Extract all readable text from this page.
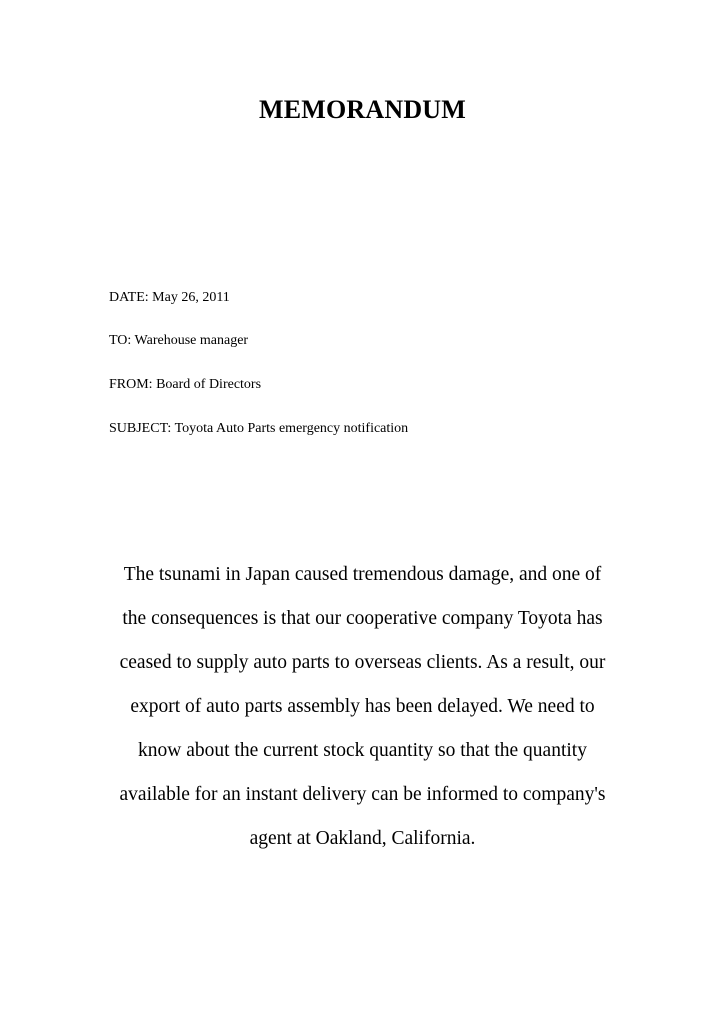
MEMORANDUM
DATE: May 26, 2011
TO: Warehouse manager
FROM: Board of Directors
SUBJECT: Toyota Auto Parts emergency notification
The tsunami in Japan caused tremendous damage, and one of
the consequences is that our cooperative company Toyota has
ceased to supply auto parts to overseas clients. As a result, our
export of auto parts assembly has been delayed. We need to
know about the current stock quantity so that the quantity
available for an instant delivery can be informed to company's
agent at Oakland, California.
